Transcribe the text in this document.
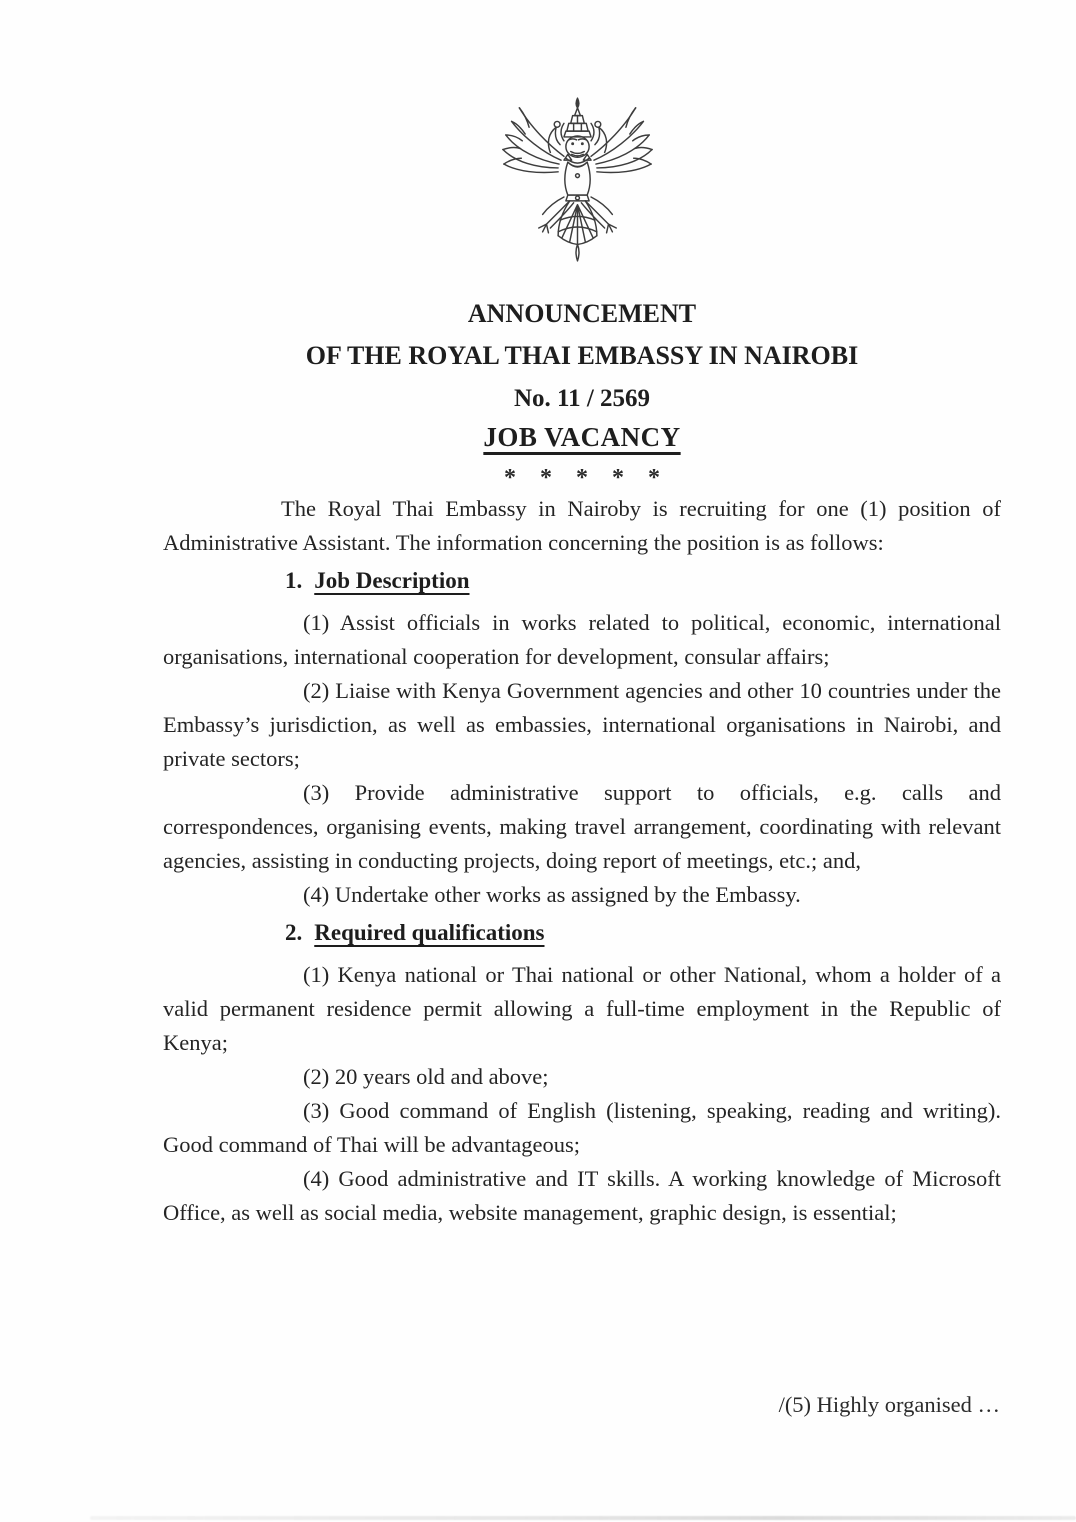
ANNOUNCEMENT
OF THE ROYAL THAI EMBASSY IN NAIROBI
No. 11 / 2569
JOB VACANCY
* * * * *

The Royal Thai Embassy in Nairoby is recruiting for one (1) position of Administrative Assistant. The information concerning the position is as follows:

1. Job Description

(1) Assist officials in works related to political, economic, international organisations, international cooperation for development, consular affairs;

(2) Liaise with Kenya Government agencies and other 10 countries under the Embassy’s jurisdiction, as well as embassies, international organisations in Nairobi, and private sectors;

(3) Provide administrative support to officials, e.g. calls and correspondences, organising events, making travel arrangement, coordinating with relevant agencies, assisting in conducting projects, doing report of meetings, etc.; and,

(4) Undertake other works as assigned by the Embassy.

2. Required qualifications

(1) Kenya national or Thai national or other National, whom a holder of a valid permanent residence permit allowing a full-time employment in the Republic of Kenya;

(2) 20 years old and above;

(3) Good command of English (listening, speaking, reading and writing). Good command of Thai will be advantageous;

(4) Good administrative and IT skills. A working knowledge of Microsoft Office, as well as social media, website management, graphic design, is essential;

/(5) Highly organised …
